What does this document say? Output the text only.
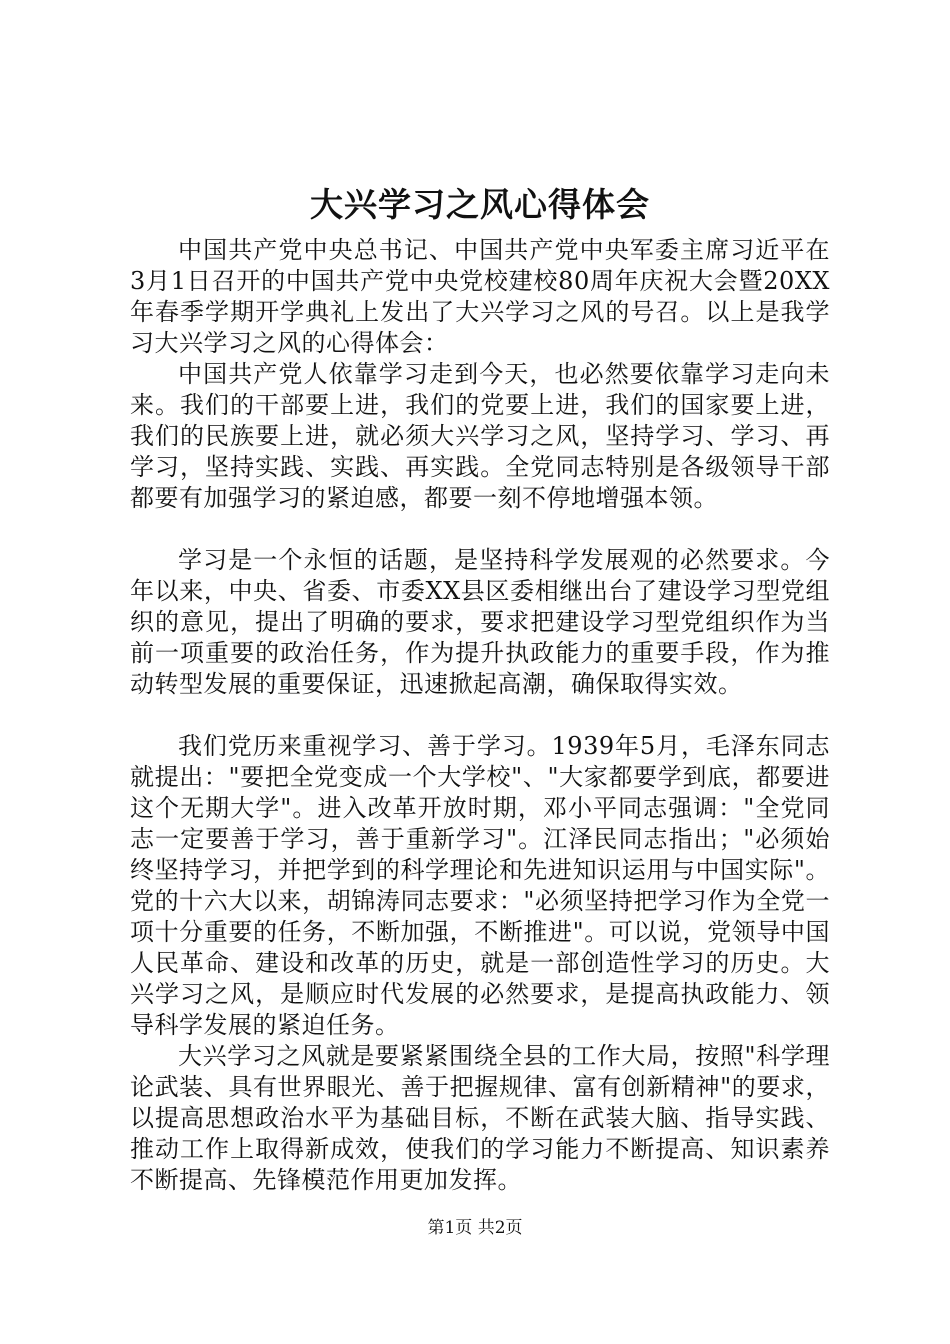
大兴学习之风心得体会

中国共产党中央总书记、中国共产党中央军委主席习近平在3月1日召开的中国共产党中央党校建校80周年庆祝大会暨20XX年春季学期开学典礼上发出了大兴学习之风的号召。以上是我学习大兴学习之风的心得体会：

中国共产党人依靠学习走到今天，也必然要依靠学习走向未来。我们的干部要上进，我们的党要上进，我们的国家要上进，我们的民族要上进，就必须大兴学习之风，坚持学习、学习、再学习，坚持实践、实践、再实践。全党同志特别是各级领导干部都要有加强学习的紧迫感，都要一刻不停地增强本领。

学习是一个永恒的话题，是坚持科学发展观的必然要求。今年以来，中央、省委、市委XX县区委相继出台了建设学习型党组织的意见，提出了明确的要求，要求把建设学习型党组织作为当前一项重要的政治任务，作为提升执政能力的重要手段，作为推动转型发展的重要保证，迅速掀起高潮，确保取得实效。

我们党历来重视学习、善于学习。1939年5月，毛泽东同志就提出："要把全党变成一个大学校"、"大家都要学到底，都要进这个无期大学"。进入改革开放时期，邓小平同志强调："全党同志一定要善于学习，善于重新学习"。江泽民同志指出；"必须始终坚持学习，并把学到的科学理论和先进知识运用与中国实际"。党的十六大以来，胡锦涛同志要求："必须坚持把学习作为全党一项十分重要的任务，不断加强，不断推进"。可以说，党领导中国人民革命、建设和改革的历史，就是一部创造性学习的历史。大兴学习之风，是顺应时代发展的必然要求，是提高执政能力、领导科学发展的紧迫任务。

大兴学习之风就是要紧紧围绕全县的工作大局，按照"科学理论武装、具有世界眼光、善于把握规律、富有创新精神"的要求，以提高思想政治水平为基础目标，不断在武装大脑、指导实践、推动工作上取得新成效，使我们的学习能力不断提高、知识素养不断提高、先锋模范作用更加发挥。

第1页 共2页
